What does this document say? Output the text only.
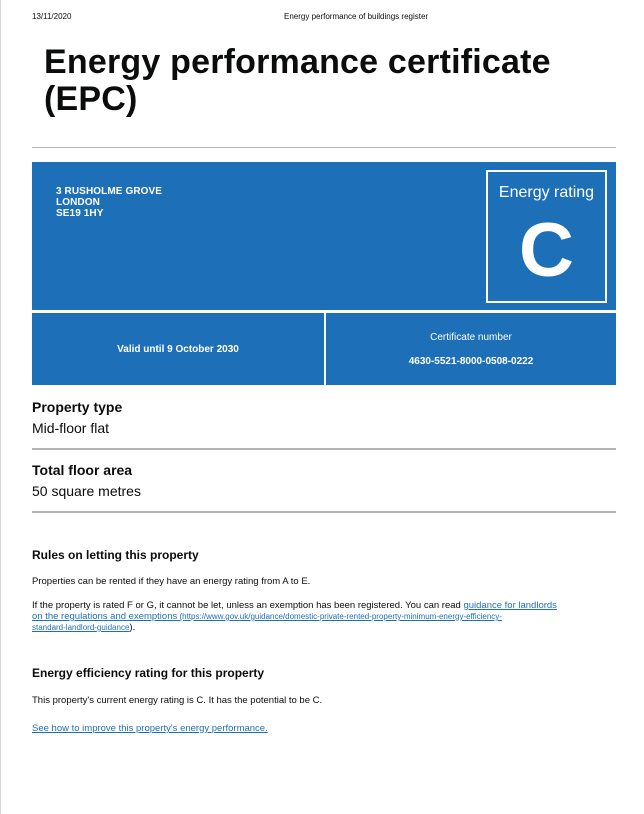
13/11/2020	Energy performance of buildings register
Energy performance certificate
(EPC)
3 RUSHOLME GROVE
LONDON
SE19 1HY
Energy rating
C
Valid until 9 October 2030
Certificate number
4630-5521-8000-0508-0222
Property type
Mid-floor flat
Total floor area
50 square metres
Rules on letting this property
Properties can be rented if they have an energy rating from A to E.
If the property is rated F or G, it cannot be let, unless an exemption has been registered. You can read guidance for landlords
on the regulations and exemptions (https://www.gov.uk/guidance/domestic-private-rented-property-minimum-energy-efficiency-
standard-landlord-guidance).
Energy efficiency rating for this property
This property's current energy rating is C. It has the potential to be C.
See how to improve this property's energy performance.
